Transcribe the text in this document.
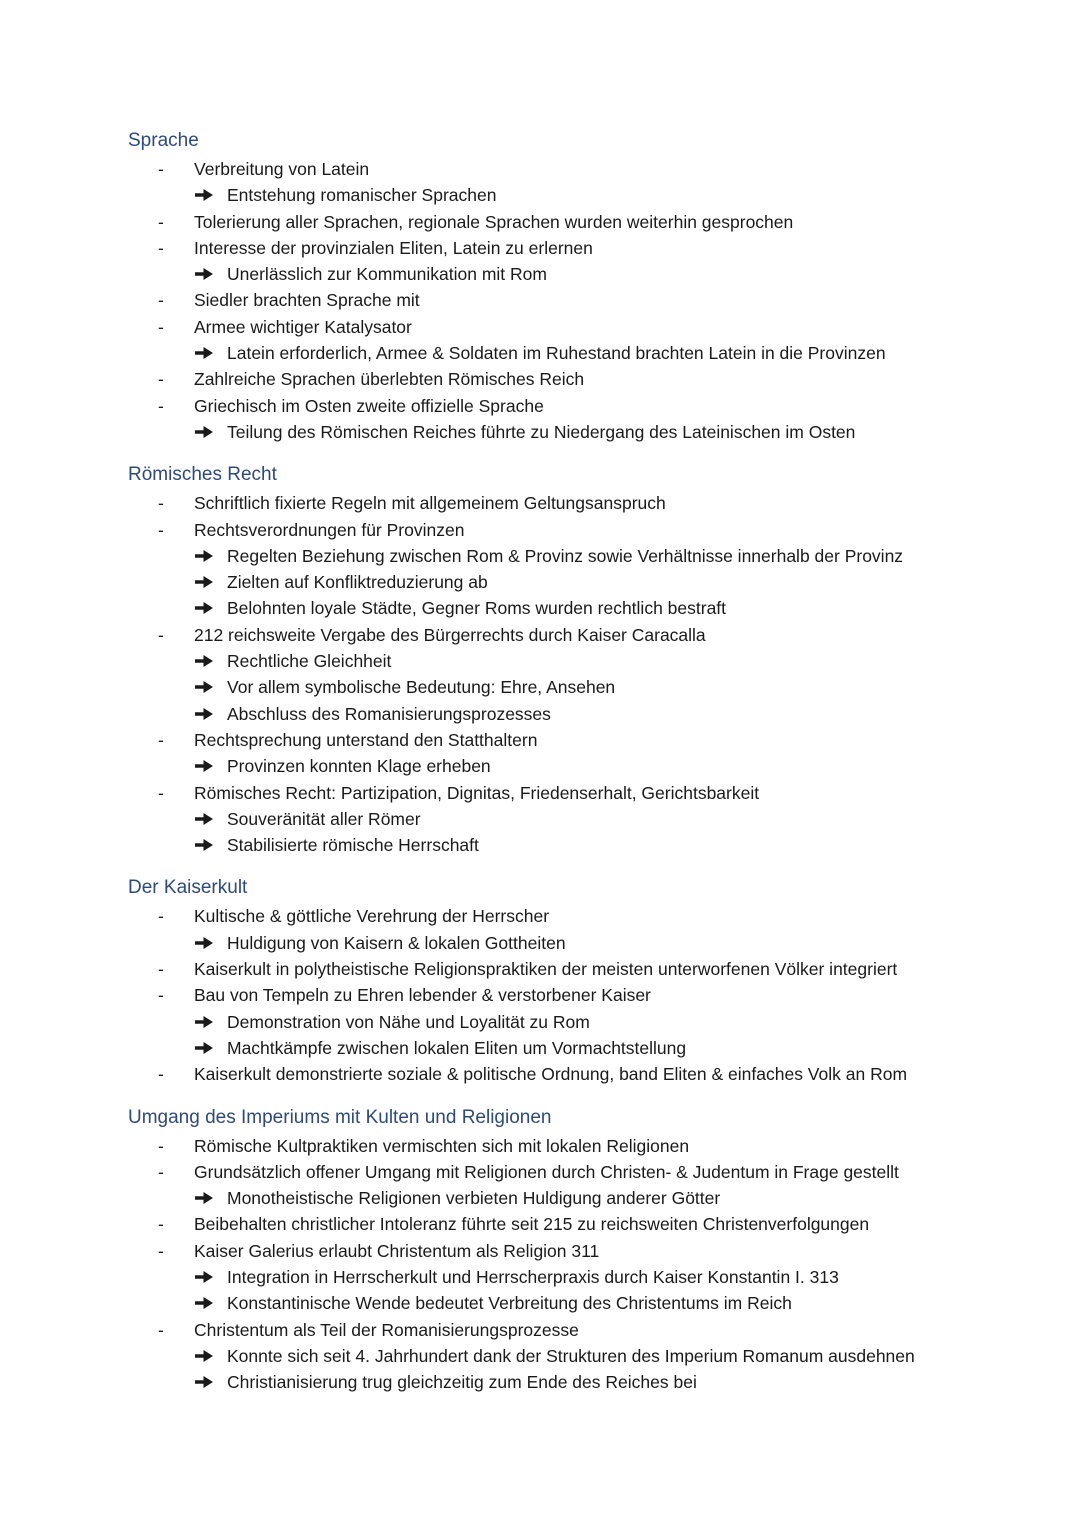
Sprache
- Verbreitung von Latein
Entstehung romanischer Sprachen
- Tolerierung aller Sprachen, regionale Sprachen wurden weiterhin gesprochen
- Interesse der provinzialen Eliten, Latein zu erlernen
Unerlässlich zur Kommunikation mit Rom
- Siedler brachten Sprache mit
- Armee wichtiger Katalysator
Latein erforderlich, Armee & Soldaten im Ruhestand brachten Latein in die Provinzen
- Zahlreiche Sprachen überlebten Römisches Reich
- Griechisch im Osten zweite offizielle Sprache
Teilung des Römischen Reiches führte zu Niedergang des Lateinischen im Osten
Römisches Recht
- Schriftlich fixierte Regeln mit allgemeinem Geltungsanspruch
- Rechtsverordnungen für Provinzen
Regelten Beziehung zwischen Rom & Provinz sowie Verhältnisse innerhalb der Provinz
Zielten auf Konfliktreduzierung ab
Belohnten loyale Städte, Gegner Roms wurden rechtlich bestraft
- 212 reichsweite Vergabe des Bürgerrechts durch Kaiser Caracalla
Rechtliche Gleichheit
Vor allem symbolische Bedeutung: Ehre, Ansehen
Abschluss des Romanisierungsprozesses
- Rechtsprechung unterstand den Statthaltern
Provinzen konnten Klage erheben
- Römisches Recht: Partizipation, Dignitas, Friedenserhalt, Gerichtsbarkeit
Souveränität aller Römer
Stabilisierte römische Herrschaft
Der Kaiserkult
- Kultische & göttliche Verehrung der Herrscher
Huldigung von Kaisern & lokalen Gottheiten
- Kaiserkult in polytheistische Religionspraktiken der meisten unterworfenen Völker integriert
- Bau von Tempeln zu Ehren lebender & verstorbener Kaiser
Demonstration von Nähe und Loyalität zu Rom
Machtkämpfe zwischen lokalen Eliten um Vormachtstellung
- Kaiserkult demonstrierte soziale & politische Ordnung, band Eliten & einfaches Volk an Rom
Umgang des Imperiums mit Kulten und Religionen
- Römische Kultpraktiken vermischten sich mit lokalen Religionen
- Grundsätzlich offener Umgang mit Religionen durch Christen- & Judentum in Frage gestellt
Monotheistische Religionen verbieten Huldigung anderer Götter
- Beibehalten christlicher Intoleranz führte seit 215 zu reichsweiten Christenverfolgungen
- Kaiser Galerius erlaubt Christentum als Religion 311
Integration in Herrscherkult und Herrscherpraxis durch Kaiser Konstantin I. 313
Konstantinische Wende bedeutet Verbreitung des Christentums im Reich
- Christentum als Teil der Romanisierungsprozesse
Konnte sich seit 4. Jahrhundert dank der Strukturen des Imperium Romanum ausdehnen
Christianisierung trug gleichzeitig zum Ende des Reiches bei
